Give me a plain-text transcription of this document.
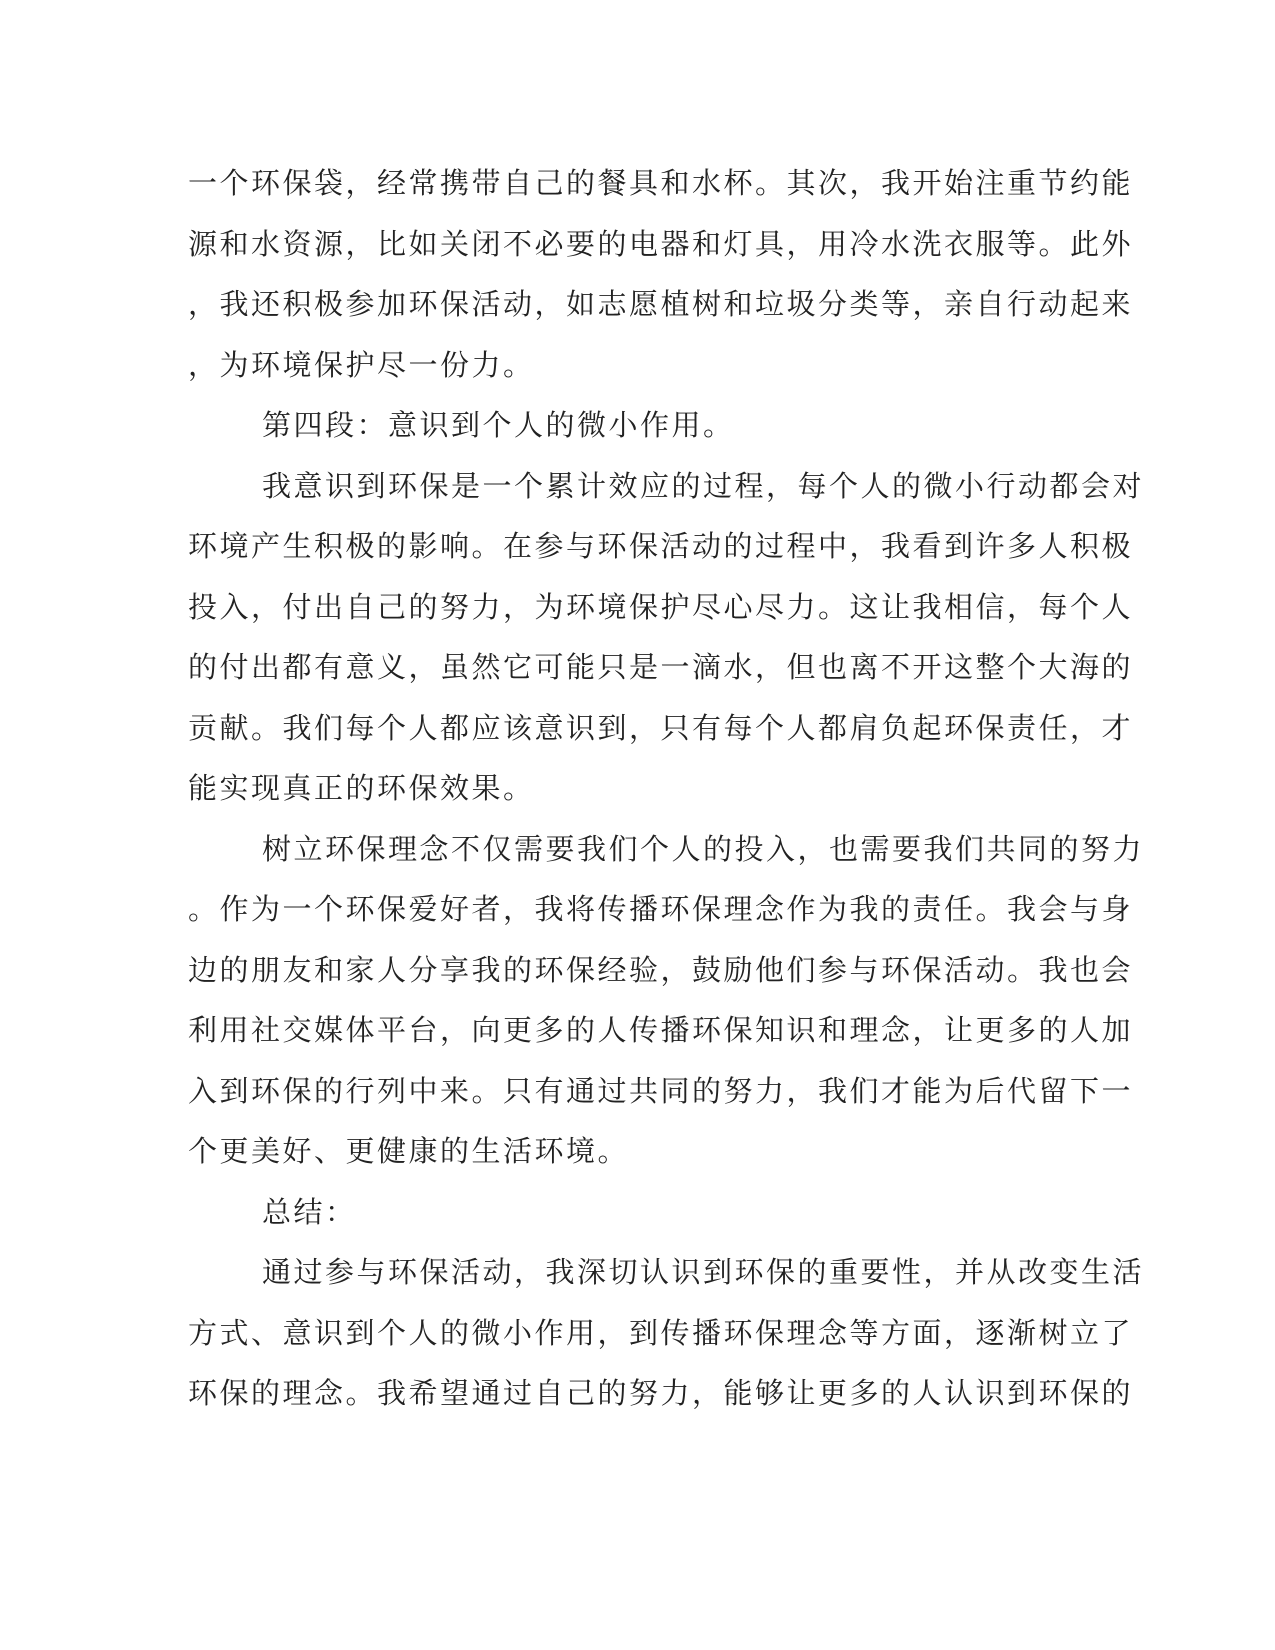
一个环保袋，经常携带自己的餐具和水杯。其次，我开始注重节约能
源和水资源，比如关闭不必要的电器和灯具，用冷水洗衣服等。此外
，我还积极参加环保活动，如志愿植树和垃圾分类等，亲自行动起来
，为环境保护尽一份力。
第四段：意识到个人的微小作用。
我意识到环保是一个累计效应的过程，每个人的微小行动都会对
环境产生积极的影响。在参与环保活动的过程中，我看到许多人积极
投入，付出自己的努力，为环境保护尽心尽力。这让我相信，每个人
的付出都有意义，虽然它可能只是一滴水，但也离不开这整个大海的
贡献。我们每个人都应该意识到，只有每个人都肩负起环保责任，才
能实现真正的环保效果。
树立环保理念不仅需要我们个人的投入，也需要我们共同的努力
。作为一个环保爱好者，我将传播环保理念作为我的责任。我会与身
边的朋友和家人分享我的环保经验，鼓励他们参与环保活动。我也会
利用社交媒体平台，向更多的人传播环保知识和理念，让更多的人加
入到环保的行列中来。只有通过共同的努力，我们才能为后代留下一
个更美好、更健康的生活环境。
总结：
通过参与环保活动，我深切认识到环保的重要性，并从改变生活
方式、意识到个人的微小作用，到传播环保理念等方面，逐渐树立了
环保的理念。我希望通过自己的努力，能够让更多的人认识到环保的
